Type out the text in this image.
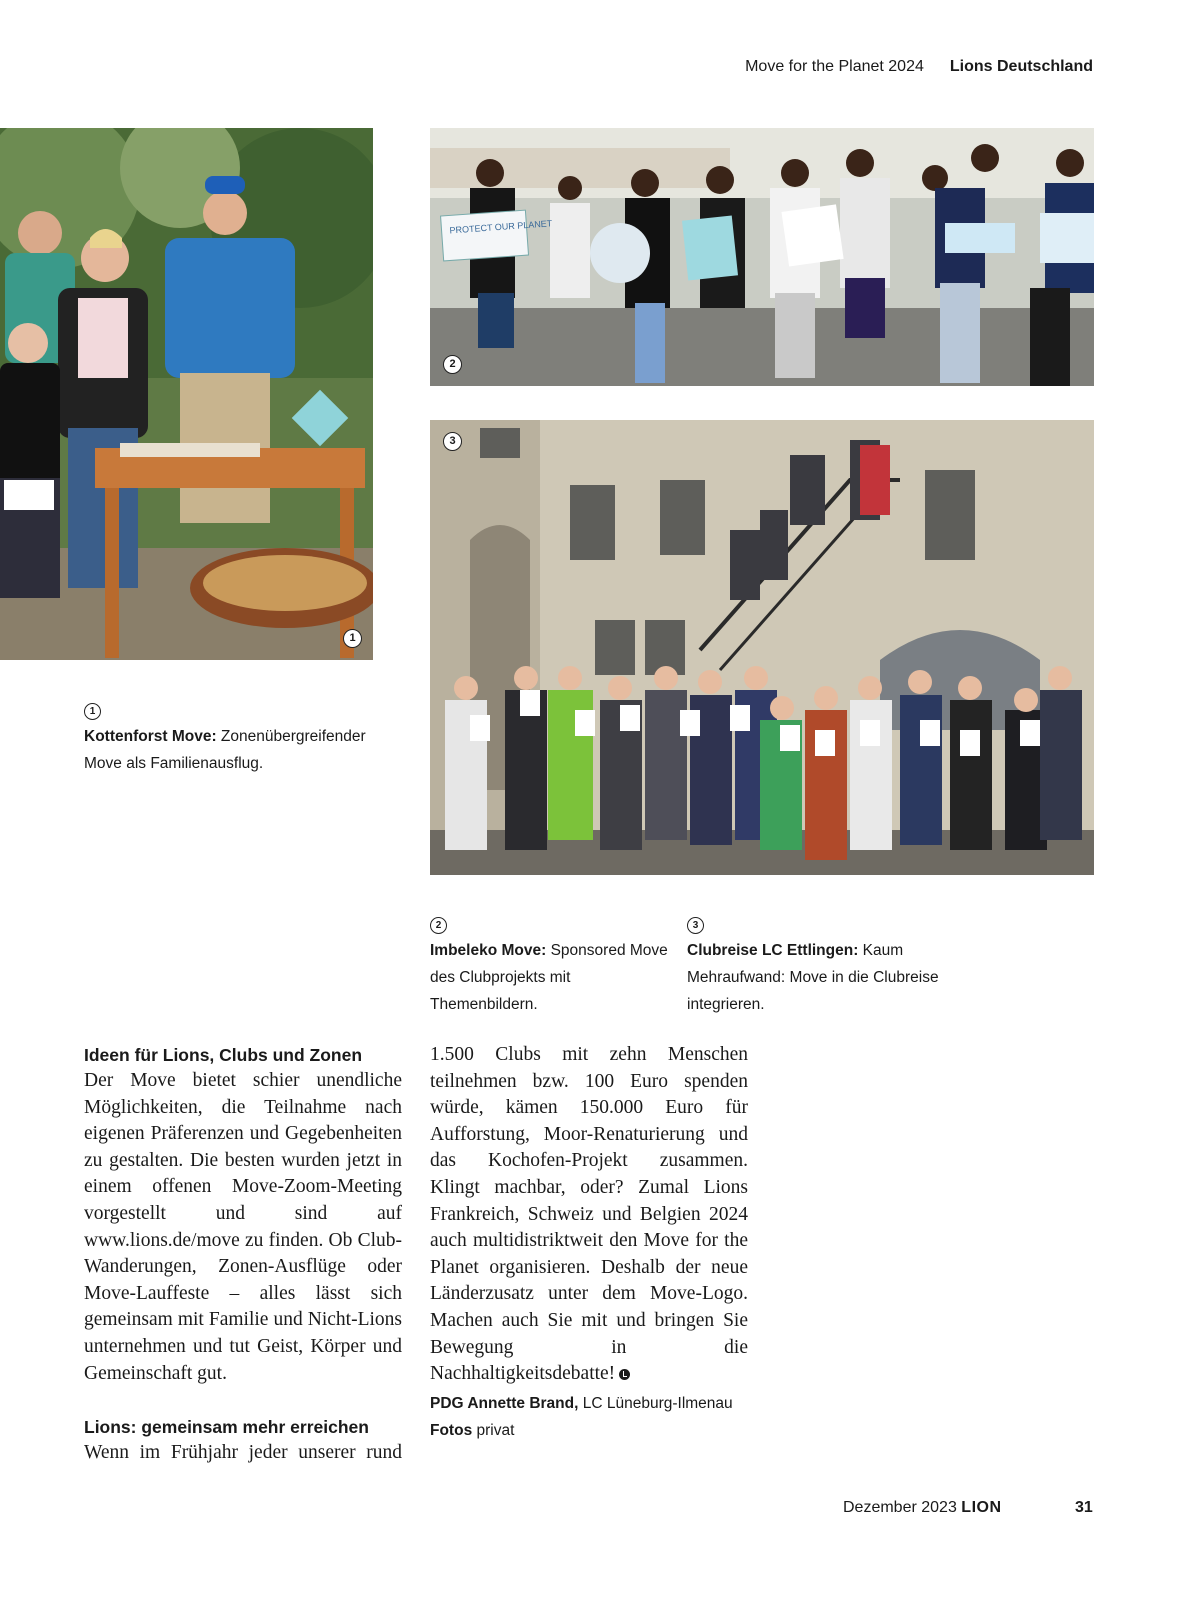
Move for the Planet 2024 Lions Deutschland
1
PROTECT OUR PLANET
2
3
1
Kottenforst Move: Zonenübergreifender Move als Familienausflug.
2
Imbeleko Move: Sponsored Move des Clubprojekts mit Themenbildern.
3
Clubreise LC Ettlingen: Kaum Mehraufwand: Move in die Clubreise integrieren.
Ideen für Lions, Clubs und Zonen
Der Move bietet schier unendliche Möglichkeiten, die Teilnahme nach eigenen Präferenzen und Gegebenheiten zu gestalten. Die besten wurden jetzt in einem offenen Move-Zoom-Meeting vorgestellt und sind auf www.lions.de/move zu finden. Ob Club-Wanderungen, Zonen-Ausflüge oder Move-Lauffeste – alles lässt sich gemeinsam mit Familie und Nicht-Lions unternehmen und tut Geist, Körper und Gemeinschaft gut.
Lions: gemeinsam mehr erreichen
Wenn im Frühjahr jeder unserer rund
1.500 Clubs mit zehn Menschen teilnehmen bzw. 100 Euro spenden würde, kämen 150.000 Euro für Aufforstung, Moor-Renaturierung und das Kochofen-Projekt zusammen. Klingt machbar, oder? Zumal Lions Frankreich, Schweiz und Belgien 2024 auch multidistriktweit den Move for the Planet organisieren. Deshalb der neue Länderzusatz unter dem Move-Logo. Machen auch Sie mit und bringen Sie Bewegung in die Nachhaltigkeitsdebatte!
PDG Annette Brand, LC Lüneburg-Ilmenau
Fotos privat
Dezember 2023 LION	31
